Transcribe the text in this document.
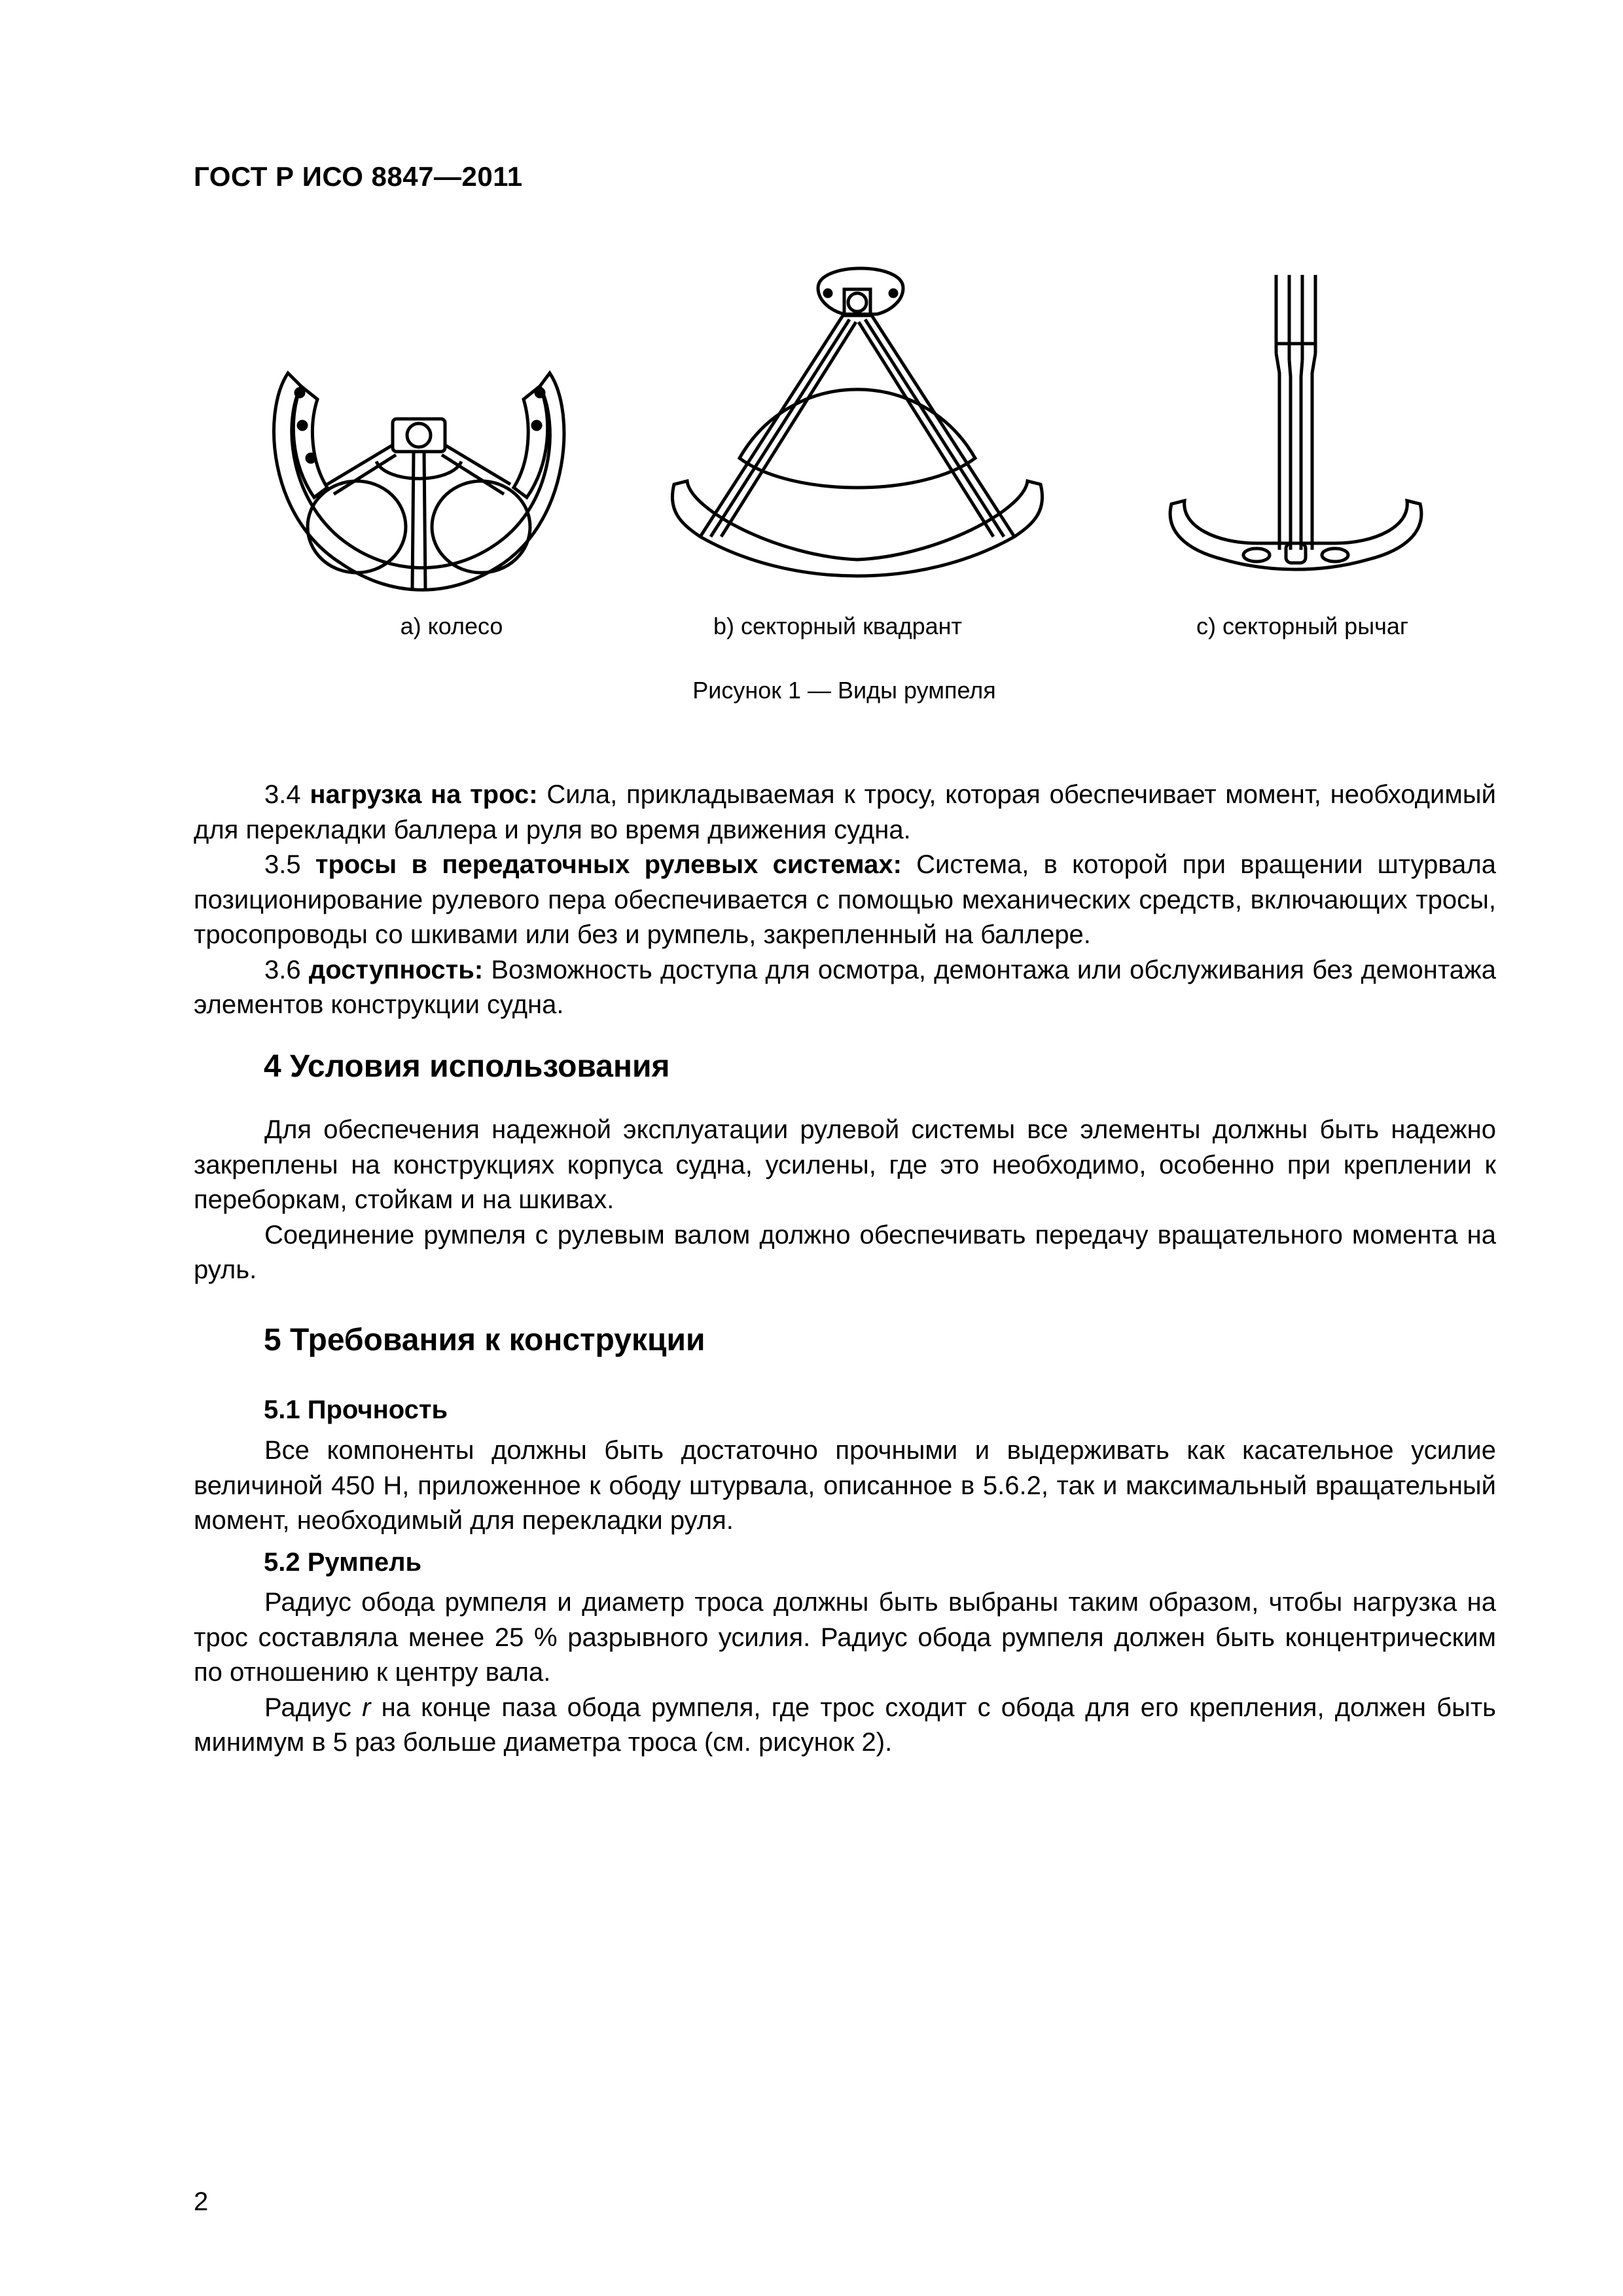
ГОСТ Р ИСО 8847—2011
а) колесо	b) секторный квадрант	с) секторный рычаг
Рисунок 1 — Виды румпеля

3.4 нагрузка на трос: Сила, прикладываемая к тросу, которая обеспечивает момент, необходимый для перекладки баллера и руля во время движения судна.

3.5 тросы в передаточных рулевых системах: Система, в которой при вращении штурвала позиционирование рулевого пера обеспечивается с помощью механических средств, включающих тросы, тросопроводы со шкивами или без и румпель, закрепленный на баллере.

3.6 доступность: Возможность доступа для осмотра, демонтажа или обслуживания без демонтажа элементов конструкции судна.

4 Условия использования

Для обеспечения надежной эксплуатации рулевой системы все элементы должны быть надежно закреплены на конструкциях корпуса судна, усилены, где это необходимо, особенно при креплении к переборкам, стойкам и на шкивах.

Соединение румпеля с рулевым валом должно обеспечивать передачу вращательного момента на руль.

5 Требования к конструкции
5.1 Прочность

Все компоненты должны быть достаточно прочными и выдерживать как касательное усилие величиной 450 Н, приложенное к ободу штурвала, описанное в 5.6.2, так и максимальный вращательный момент, необходимый для перекладки руля.

5.2 Румпель

Радиус обода румпеля и диаметр троса должны быть выбраны таким образом, чтобы нагрузка на трос составляла менее 25 % разрывного усилия. Радиус обода румпеля должен быть концентрическим по отношению к центру вала.

Радиус r на конце паза обода румпеля, где трос сходит с обода для его крепления, должен быть минимум в 5 раз больше диаметра троса (см. рисунок 2).

2
